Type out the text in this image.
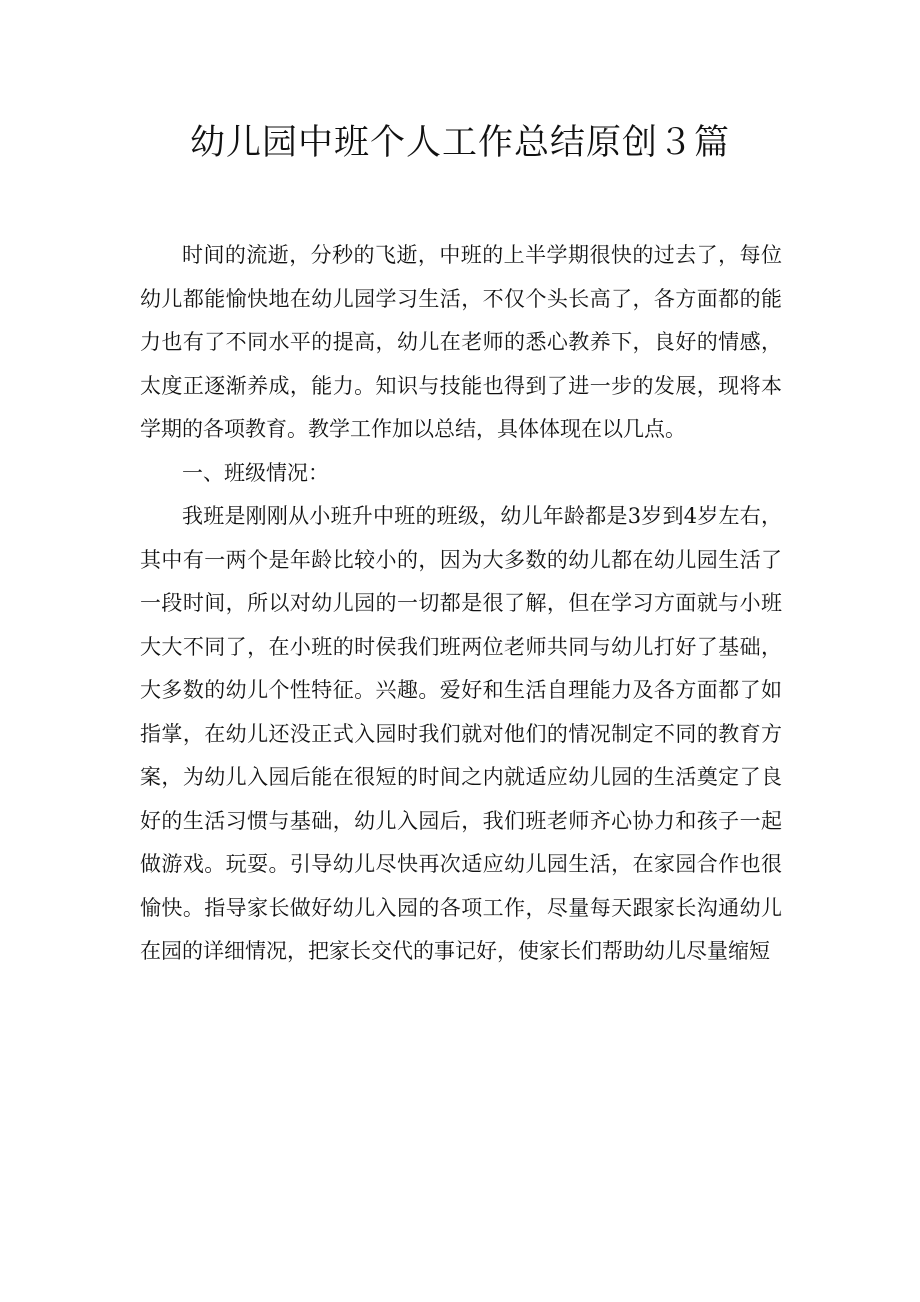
幼儿园中班个人工作总结原创３篇

时间的流逝，分秒的飞逝，中班的上半学期很快的过去了，每位幼儿都能愉快地在幼儿园学习生活，不仅个头长高了，各方面都的能力也有了不同水平的提高，幼儿在老师的悉心教养下，良好的情感，太度正逐渐养成，能力。知识与技能也得到了进一步的发展，现将本学期的各项教育。教学工作加以总结，具体体现在以几点。

一、班级情况：

我班是刚刚从小班升中班的班级，幼儿年龄都是3岁到4岁左右，其中有一两个是年龄比较小的，因为大多数的幼儿都在幼儿园生活了一段时间，所以对幼儿园的一切都是很了解，但在学习方面就与小班大大不同了，在小班的时侯我们班两位老师共同与幼儿打好了基础，大多数的幼儿个性特征。兴趣。爱好和生活自理能力及各方面都了如指掌，在幼儿还没正式入园时我们就对他们的情况制定不同的教育方案，为幼儿入园后能在很短的时间之内就适应幼儿园的生活奠定了良好的生活习惯与基础，幼儿入园后，我们班老师齐心协力和孩子一起做游戏。玩耍。引导幼儿尽快再次适应幼儿园生活，在家园合作也很愉快。指导家长做好幼儿入园的各项工作，尽量每天跟家长沟通幼儿在园的详细情况，把家长交代的事记好，使家长们帮助幼儿尽量缩短
